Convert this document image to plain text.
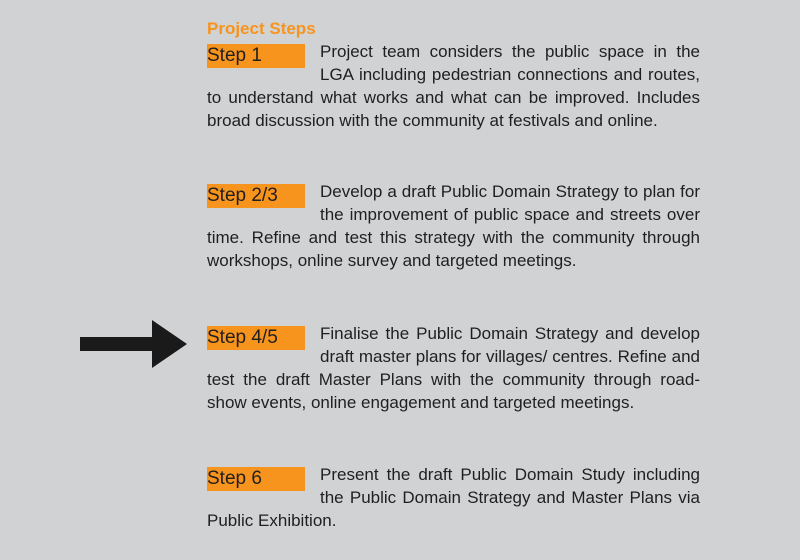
Project Steps
Step 1	Project team considers the public space in the LGA including pedestrian connections and routes, to understand what works and what can be improved. Includes broad discussion with the community at festivals and online.
Step 2/3	Develop a draft Public Domain Strategy to plan for the improvement of public space and streets over time. Refine and test this strategy with the community through workshops, online survey and targeted meetings.
Step 4/5	Finalise the Public Domain Strategy and develop draft master plans for villages/ centres. Refine and test the draft Master Plans with the community through road-show events, online engagement and targeted meetings.
Step 6	Present the draft Public Domain Study including the Public Domain Strategy and Master Plans via Public Exhibition.
